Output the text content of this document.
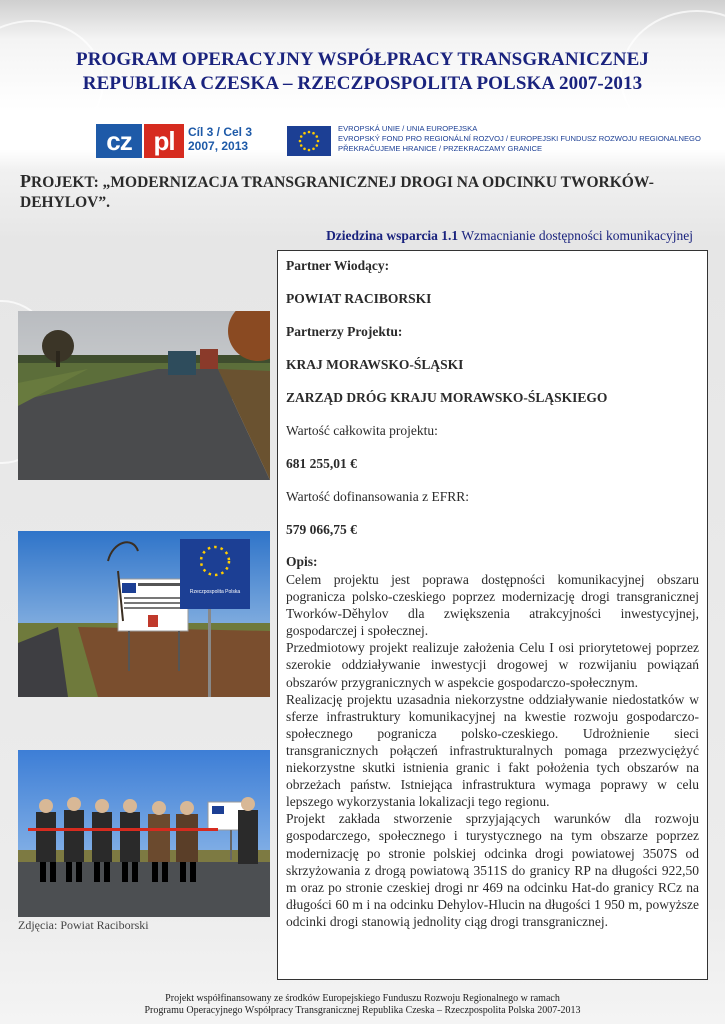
PROGRAM OPERACYJNY WSPÓŁPRACY TRANSGRANICZNEJ
REPUBLIKA CZESKA – RZECZPOSPOLITA POLSKA 2007-2013
cz pl	Cíl 3 / Cel 3
2007, 2013
EVROPSKÁ UNIE / UNIA EUROPEJSKA
EVROPSKÝ FOND PRO REGIONÁLNÍ ROZVOJ / EUROPEJSKI FUNDUSZ ROZWOJU REGIONALNEGO
PŘEKRAČUJEME HRANICE / PRZEKRACZAMY GRANICE
PROJEKT: „MODERNIZACJA TRANSGRANICZNEJ DROGI NA ODCINKU TWORKÓW-DEHYLOV”.
Dziedzina wsparcia 1.1 Wzmacnianie dostępności komunikacyjnej
Rzeczpospolita Polska
Zdjęcia: Powiat Raciborski

Partner Wiodący:

POWIAT RACIBORSKI

Partnerzy Projektu:

KRAJ MORAWSKO-ŚLĄSKI

ZARZĄD DRÓG KRAJU MORAWSKO-ŚLĄSKIEGO

Wartość całkowita projektu:

681 255,01 €

Wartość dofinansowania z EFRR:

579 066,75 €

Opis:

Celem projektu jest poprawa dostępności komunikacyjnej obszaru pogranicza polsko-czeskiego poprzez modernizację drogi transgranicznej Tworków-Děhylov dla zwiększenia atrakcyjności inwestycyjnej, gospodarczej i społecznej.

Przedmiotowy projekt realizuje założenia Celu I osi priorytetowej poprzez szerokie oddziaływanie inwestycji drogowej w rozwijaniu powiązań obszarów przygranicznych w aspekcie gospodarczo-społecznym.

Realizację projektu uzasadnia niekorzystne oddziaływanie niedostatków w sferze infrastruktury komunikacyjnej na kwestie rozwoju gospodarczo-społecznego pogranicza polsko-czeskiego. Udrożnienie sieci transgranicznych połączeń infrastrukturalnych pomaga przezwyciężyć niekorzystne skutki istnienia granic i fakt położenia tych obszarów na obrzeżach państw. Istniejąca infrastruktura wymaga poprawy w celu lepszego wykorzystania lokalizacji tego regionu.

Projekt zakłada stworzenie sprzyjających warunków dla rozwoju gospodarczego, społecznego i turystycznego na tym obszarze poprzez modernizację po stronie polskiej odcinka drogi powiatowej 3507S od skrzyżowania z drogą powiatową 3511S do granicy RP na długości 922,50 m oraz po stronie czeskiej drogi nr 469 na odcinku Hat-do granicy RCz na długości 60 m i na odcinku Dehylov-Hlucin na długości 1 950 m, powyższe odcinki drogi stanowią jednolity ciąg drogi transgranicznej.

Projekt współfinansowany ze środków Europejskiego Funduszu Rozwoju Regionalnego w ramach
Programu Operacyjnego Współpracy Transgranicznej Republika Czeska – Rzeczpospolita Polska 2007-2013
